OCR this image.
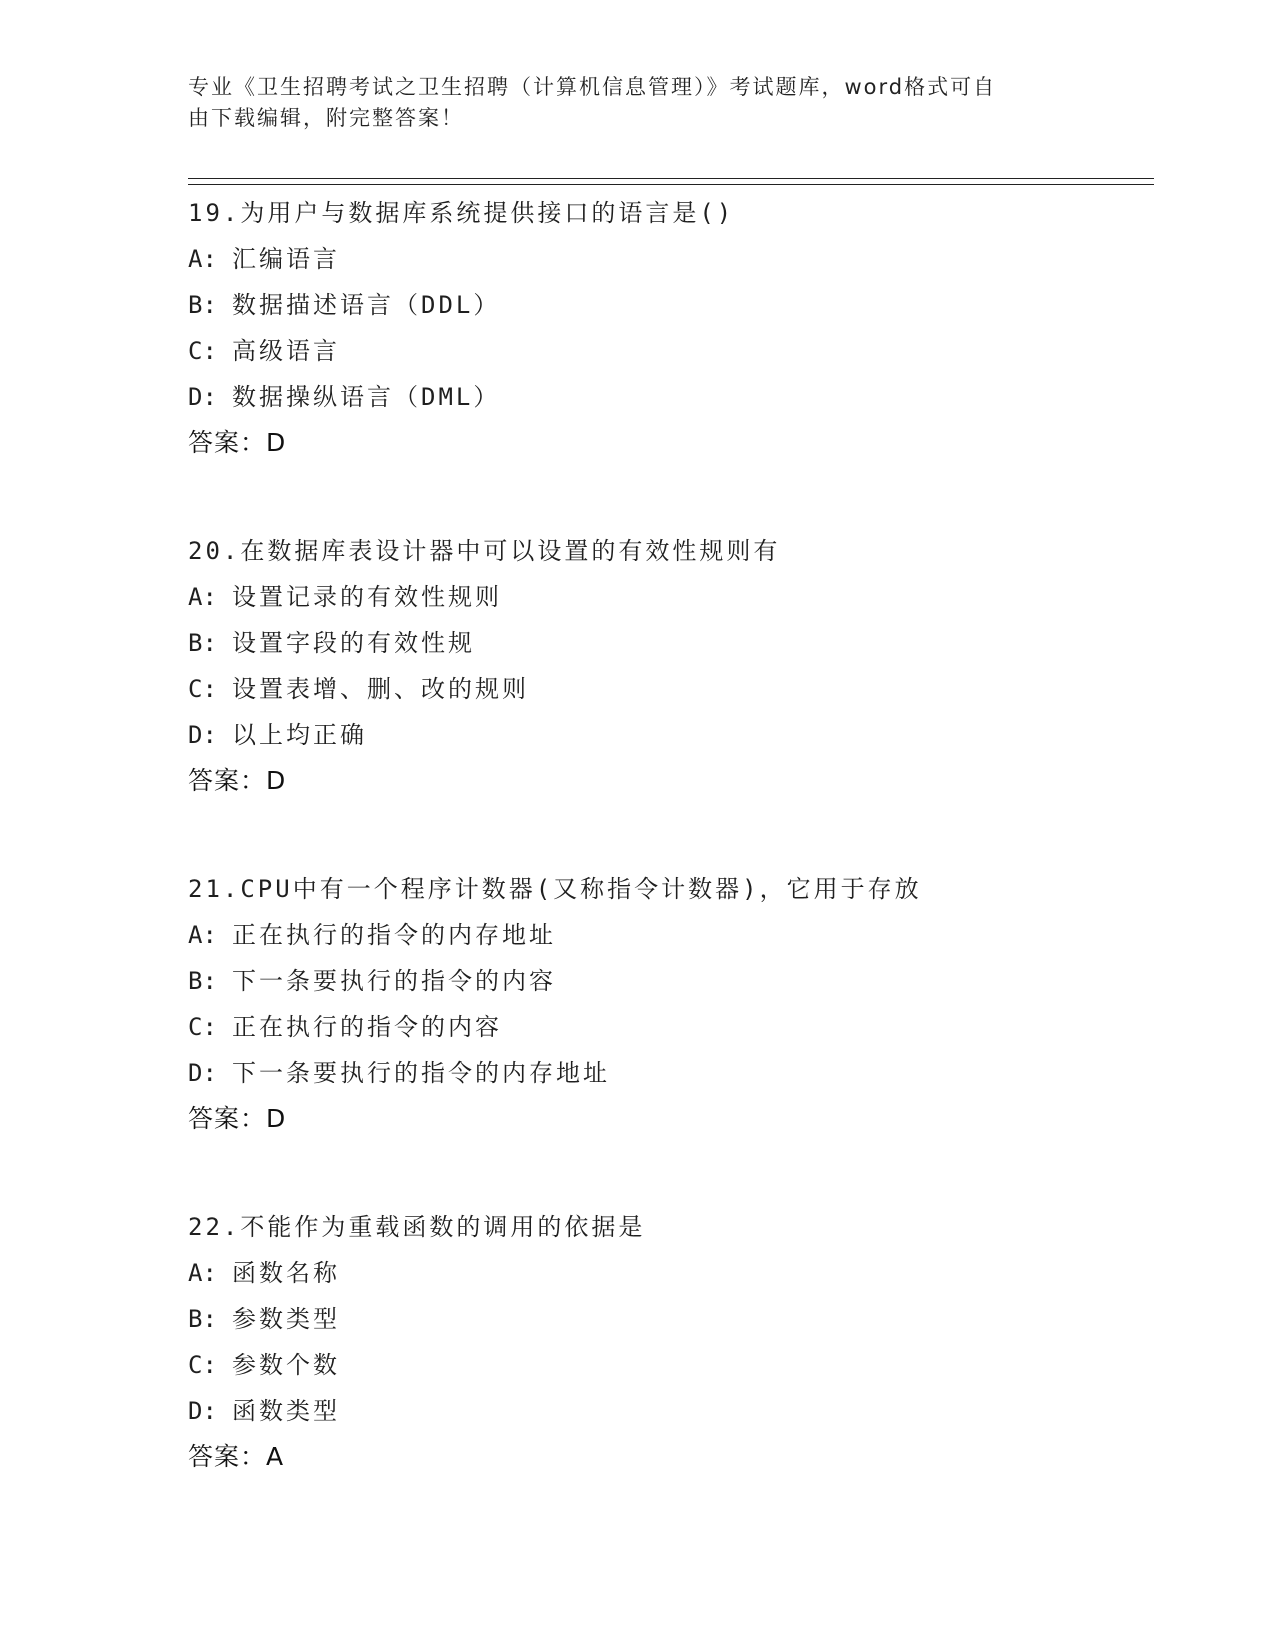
专业《卫生招聘考试之卫生招聘（计算机信息管理）》考试题库，word格式可自
由下载编辑，附完整答案！
19.为用户与数据库系统提供接口的语言是()
A: 汇编语言
B: 数据描述语言（DDL）
C: 高级语言
D: 数据操纵语言（DML）
答案：D
20.在数据库表设计器中可以设置的有效性规则有
A: 设置记录的有效性规则
B: 设置字段的有效性规
C: 设置表增、删、改的规则
D: 以上均正确
答案：D
21.CPU中有一个程序计数器(又称指令计数器)，它用于存放
A: 正在执行的指令的内存地址
B: 下一条要执行的指令的内容
C: 正在执行的指令的内容
D: 下一条要执行的指令的内存地址
答案：D
22.不能作为重载函数的调用的依据是
A: 函数名称
B: 参数类型
C: 参数个数
D: 函数类型
答案：A
